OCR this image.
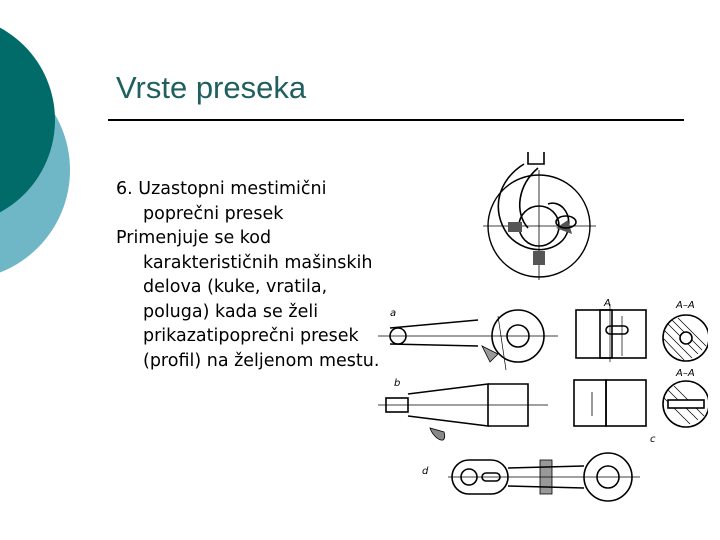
Vrste preseka

6. Uzastopni mestimični poprečni presek

Primenjuje se kod karakterističnih mašinskih delova (kuke, vratila, poluga) kada se želi prikazatipoprečni presek (profil) na željenom mestu.

a
b
c
d
A	A–A
A–A
